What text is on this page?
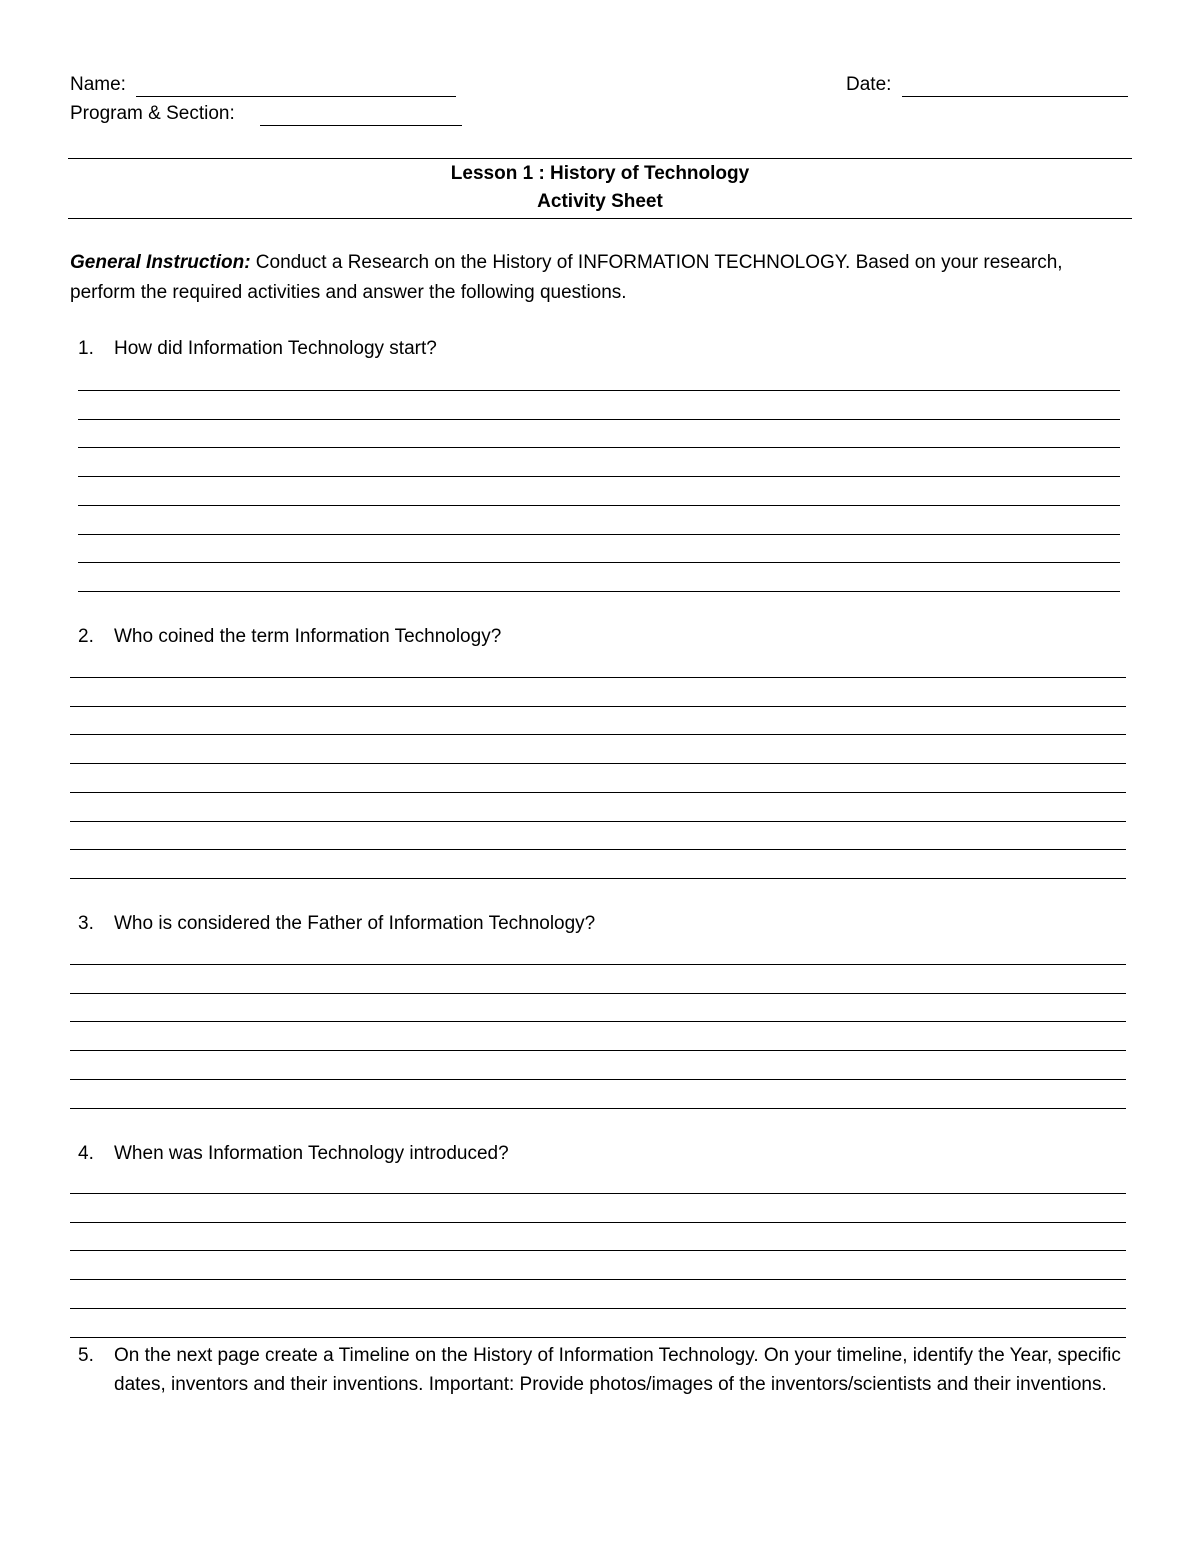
Name:	Date:
Program & Section:
Lesson 1 : History of Technology
Activity Sheet
General Instruction: Conduct a Research on the History of INFORMATION TECHNOLOGY. Based on your research, perform the required activities and answer the following questions.
1. How did Information Technology start?
2. Who coined the term Information Technology?
3. Who is considered the Father of Information Technology?
4. When was Information Technology introduced?
5.	On the next page create a Timeline on the History of Information Technology. On your timeline, identify the Year, specific dates, inventors and their inventions. Important: Provide photos/images of the inventors/scientists and their inventions.
